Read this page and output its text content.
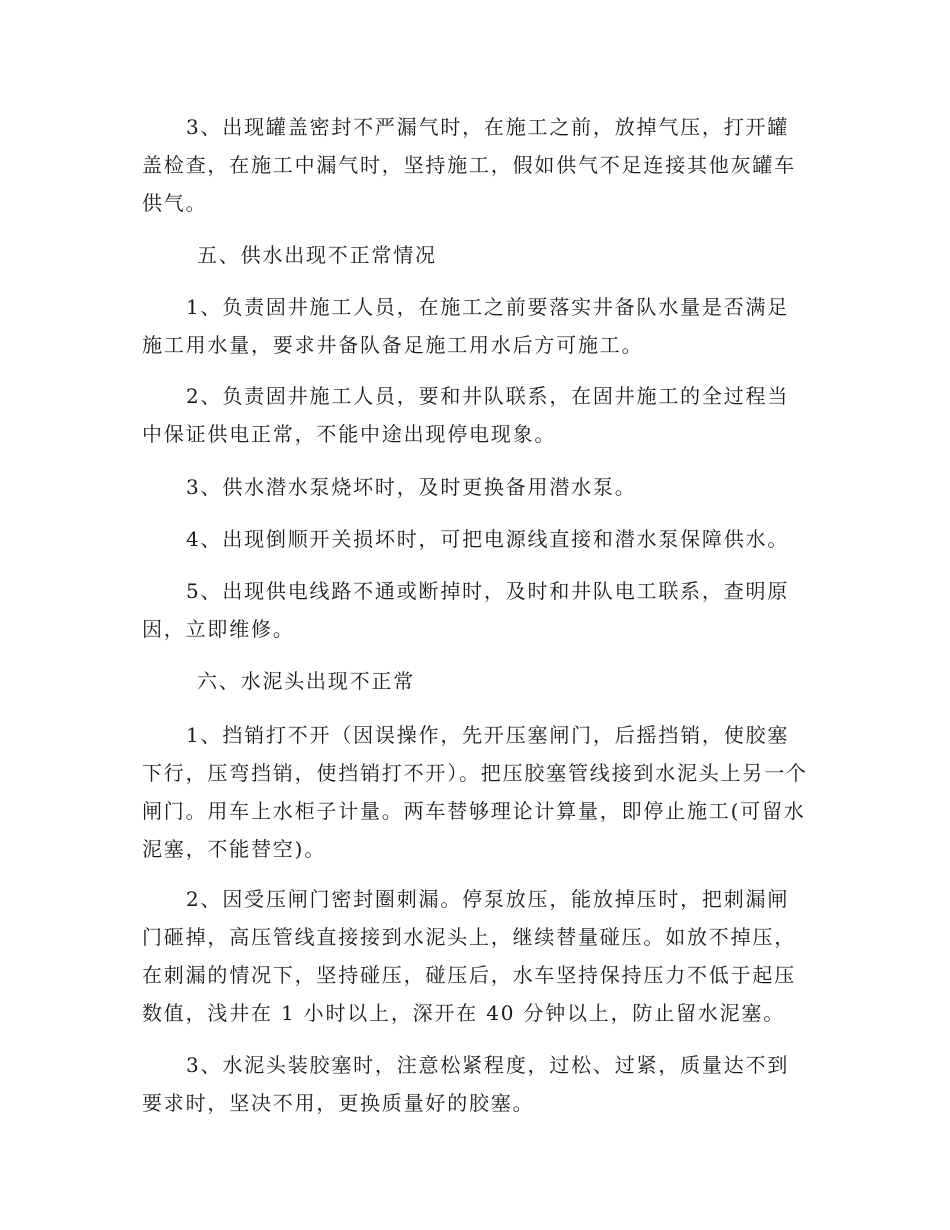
3、出现罐盖密封不严漏气时，在施工之前，放掉气压，打开罐盖检查，在施工中漏气时，坚持施工，假如供气不足连接其他灰罐车供气。

五、供水出现不正常情况

1、负责固井施工人员，在施工之前要落实井备队水量是否满足施工用水量，要求井备队备足施工用水后方可施工。

2、负责固井施工人员，要和井队联系，在固井施工的全过程当中保证供电正常，不能中途出现停电现象。

3、供水潜水泵烧坏时，及时更换备用潜水泵。

4、出现倒顺开关损坏时，可把电源线直接和潜水泵保障供水。

5、出现供电线路不通或断掉时，及时和井队电工联系，查明原因，立即维修。

六、水泥头出现不正常

1、挡销打不开（因误操作，先开压塞闸门，后摇挡销，使胶塞下行，压弯挡销，使挡销打不开）。把压胶塞管线接到水泥头上另一个闸门。用车上水柜子计量。两车替够理论计算量，即停止施工(可留水泥塞，不能替空)。

2、因受压闸门密封圈刺漏。停泵放压，能放掉压时，把刺漏闸门砸掉，高压管线直接接到水泥头上，继续替量碰压。如放不掉压，在刺漏的情况下，坚持碰压，碰压后，水车坚持保持压力不低于起压数值，浅井在 1 小时以上，深开在 40 分钟以上，防止留水泥塞。

3、水泥头装胶塞时，注意松紧程度，过松、过紧，质量达不到要求时，坚决不用，更换质量好的胶塞。
